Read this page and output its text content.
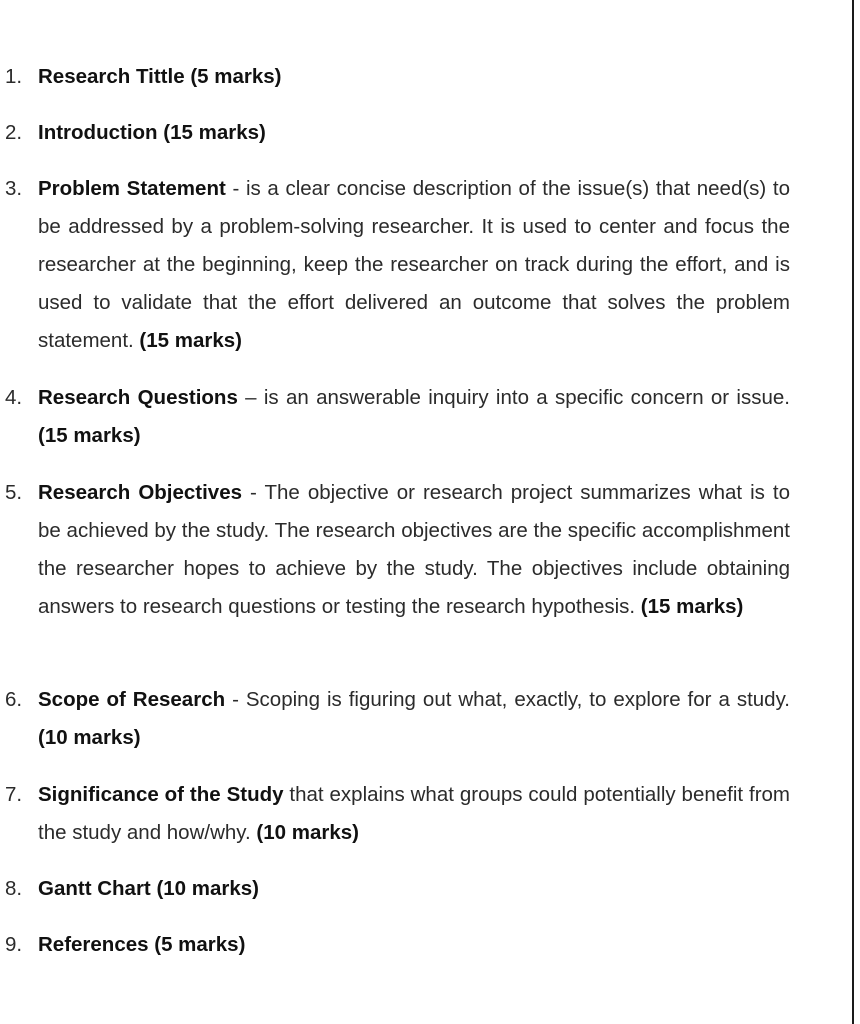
1. Research Tittle (5 marks)
2. Introduction (15 marks)
3. Problem Statement - is a clear concise description of the issue(s) that need(s) to be addressed by a problem-solving researcher. It is used to center and focus the researcher at the beginning, keep the researcher on track during the effort, and is used to validate that the effort delivered an outcome that solves the problem statement. (15 marks)
4. Research Questions – is an answerable inquiry into a specific concern or issue. (15 marks)
5. Research Objectives - The objective or research project summarizes what is to be achieved by the study. The research objectives are the specific accomplishment the researcher hopes to achieve by the study. The objectives include obtaining answers to research questions or testing the research hypothesis. (15 marks)
6. Scope of Research - Scoping is figuring out what, exactly, to explore for a study. (10 marks)
7. Significance of the Study that explains what groups could potentially benefit from the study and how/why. (10 marks)
8. Gantt Chart (10 marks)
9. References (5 marks)
